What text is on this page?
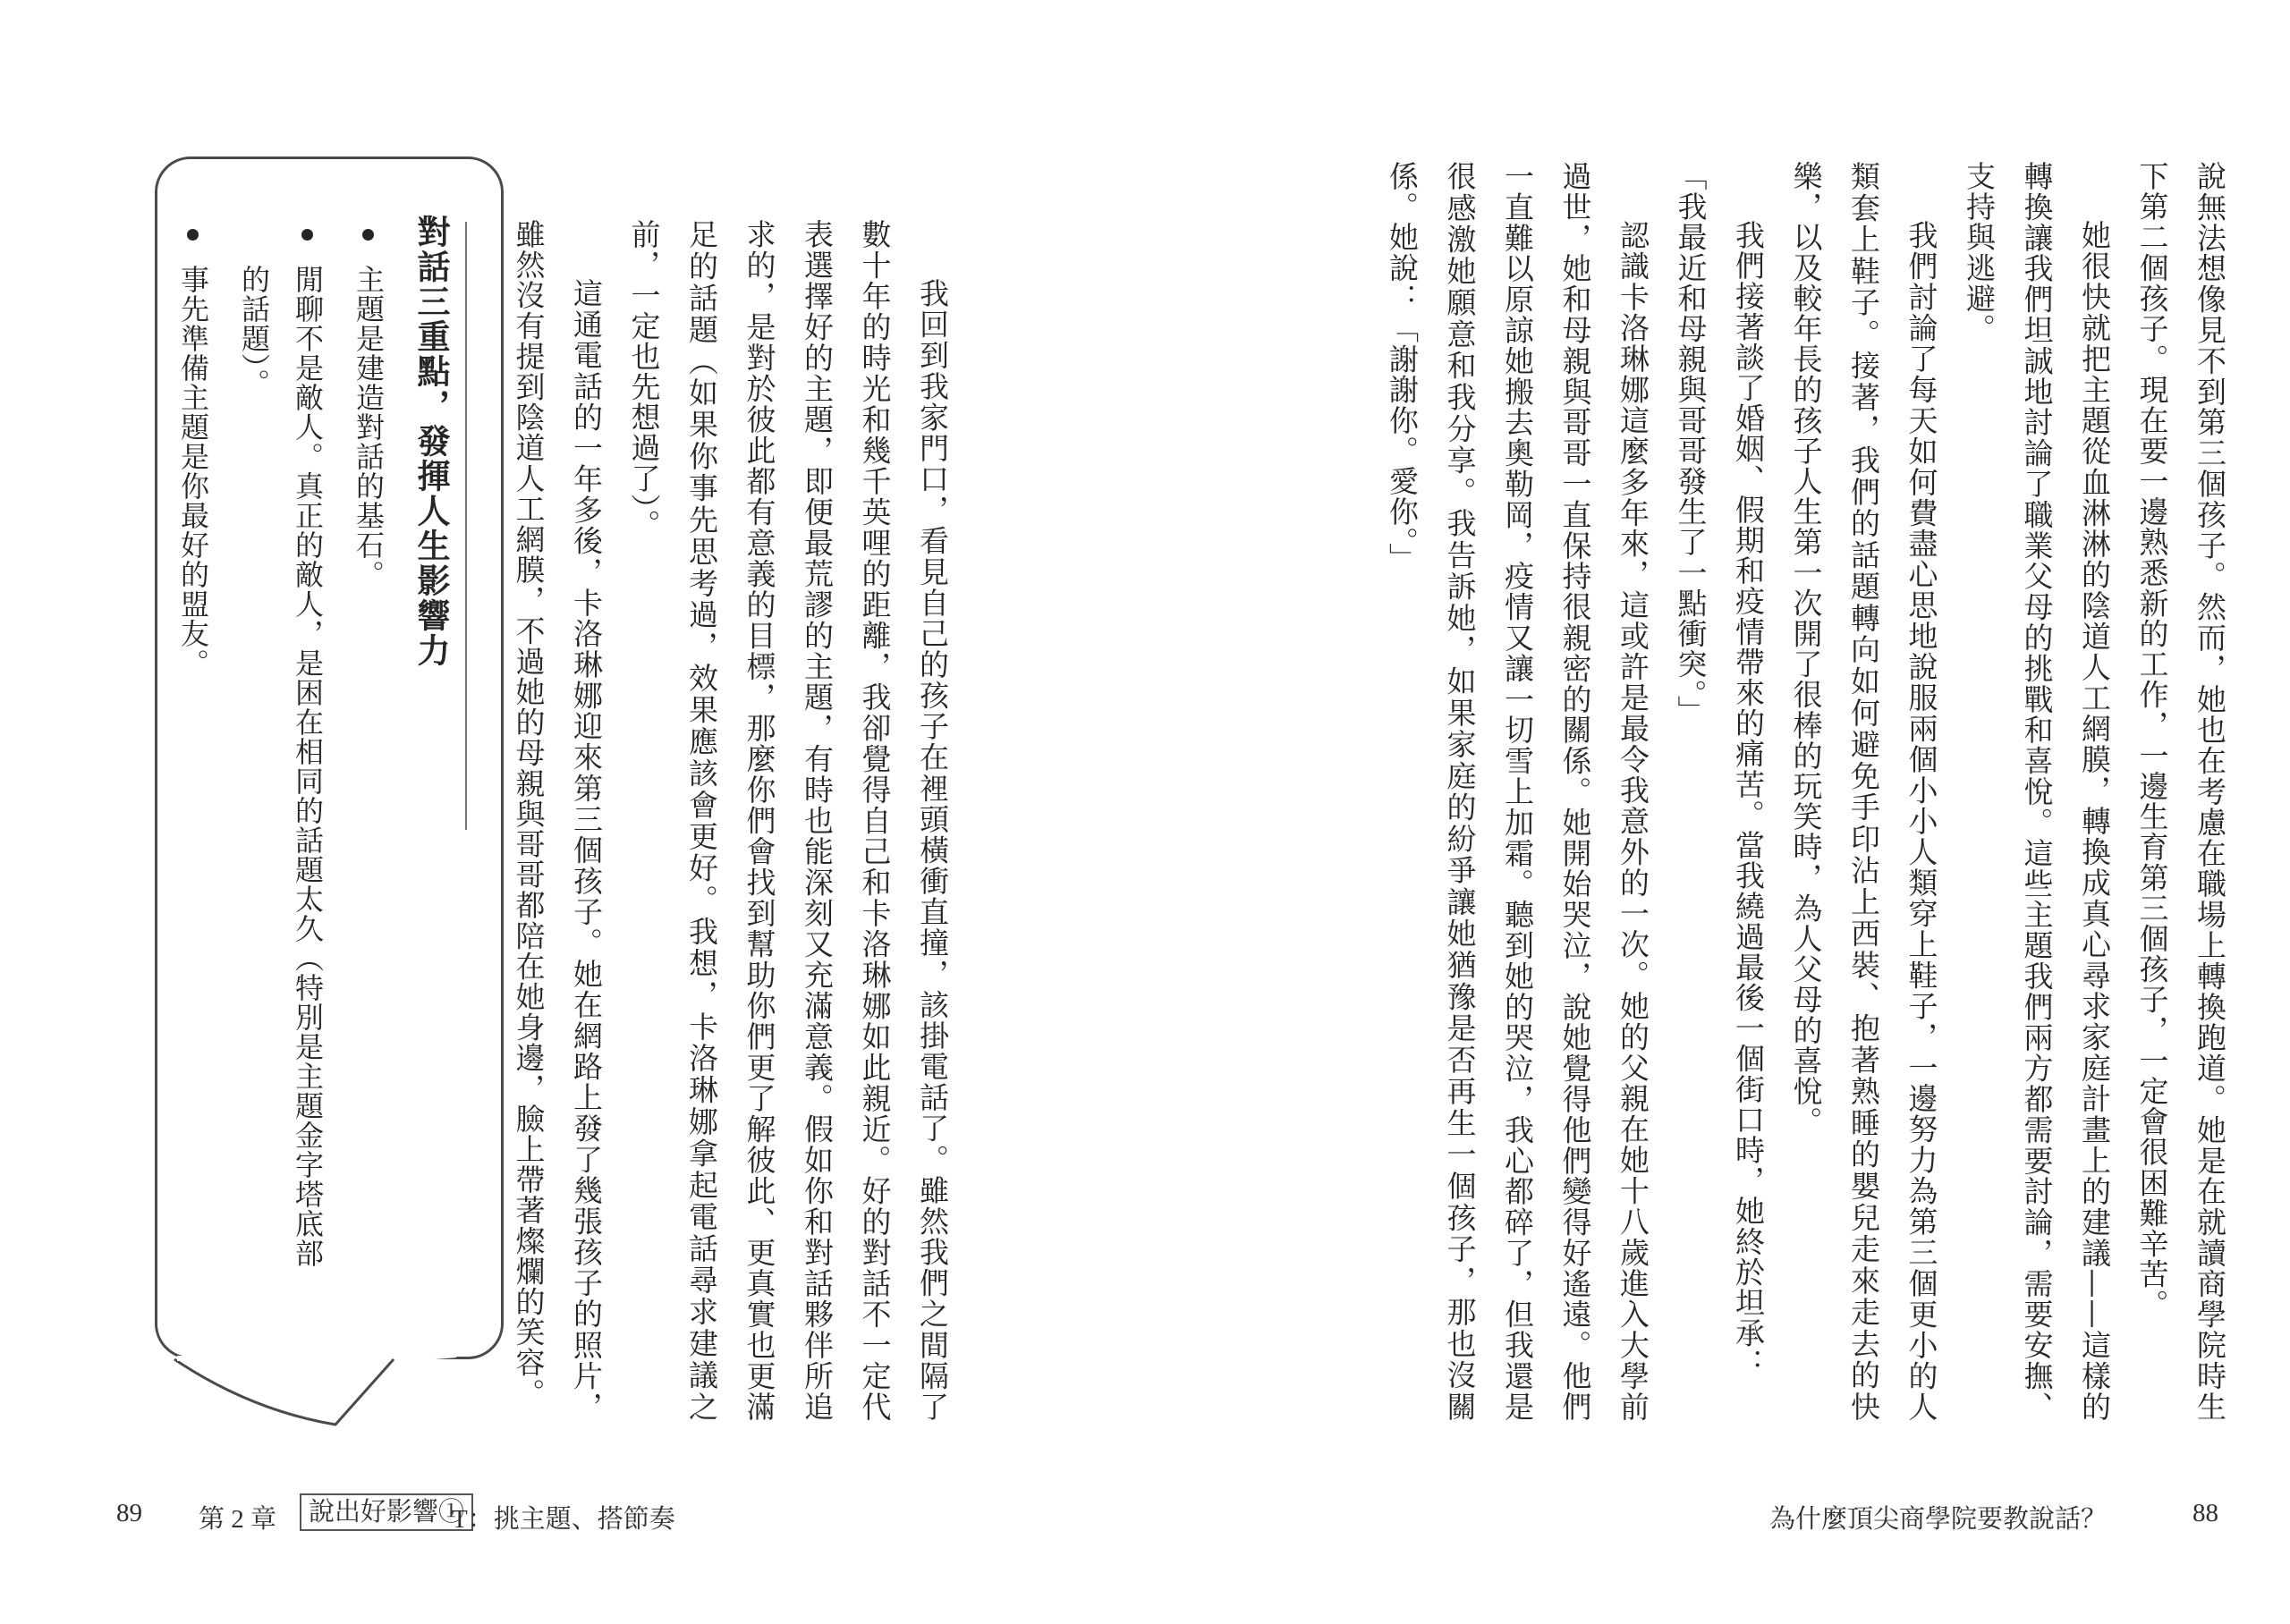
說無法想像見不到第三個孩子。然而，她也在考慮在職場上轉換跑道。她是在就讀商學院時生下第二個孩子。現在要一邊熟悉新的工作，一邊生育第三個孩子，一定會很困難辛苦。

她很快就把主題從血淋淋的陰道人工網膜，轉換成真心尋求家庭計畫上的建議——這樣的轉換讓我們坦誠地討論了職業父母的挑戰和喜悅。這些主題我們兩方都需要討論，需要安撫、支持與逃避。

我們討論了每天如何費盡心思地說服兩個小小人類穿上鞋子，一邊努力為第三個更小的人類套上鞋子。接著，我們的話題轉向如何避免手印沾上西裝、抱著熟睡的嬰兒走來走去的快樂，以及較年長的孩子人生第一次開了很棒的玩笑時，為人父母的喜悅。

我們接著談了婚姻、假期和疫情帶來的痛苦。當我繞過最後一個街口時，她終於坦承：

「我最近和母親與哥哥發生了一點衝突。」

認識卡洛琳娜這麼多年來，這或許是最令我意外的一次。她的父親在她十八歲進入大學前過世，她和母親與哥哥一直保持很親密的關係。她開始哭泣，說她覺得他們變得好遙遠。他們一直難以原諒她搬去奧勒岡，疫情又讓一切雪上加霜。聽到她的哭泣，我心都碎了，但我還是很感激她願意和我分享。我告訴她，如果家庭的紛爭讓她猶豫是否再生一個孩子，那也沒關係。她說：「謝謝你。愛你。」

為什麼頂尖商學院要教說話？	88

我回到我家門口，看見自己的孩子在裡頭橫衝直撞，該掛電話了。雖然我們之間隔了數十年的時光和幾千英哩的距離，我卻覺得自己和卡洛琳娜如此親近。好的對話不一定代表選擇好的主題，即便最荒謬的主題，有時也能深刻又充滿意義。假如你和對話夥伴所追求的，是對於彼此都有意義的目標，那麼你們會找到幫助你們更了解彼此、更真實也更滿足的話題（如果你事先思考過，效果應該會更好。我想，卡洛琳娜拿起電話尋求建議之前，一定也先想過了）。

這通電話的一年多後，卡洛琳娜迎來第三個孩子。她在網路上發了幾張孩子的照片，雖然沒有提到陰道人工網膜，不過她的母親與哥哥都陪在她身邊，臉上帶著燦爛的笑容。

對話三重點，發揮人生影響力
主題是建造對話的基石。
閒聊不是敵人。真正的敵人，是困在相同的話題太久（特別是主題金字塔底部的話題）。
事先準備主題是你最好的盟友。
89 第 2 章	說出好影響①
T：挑主題、搭節奏
